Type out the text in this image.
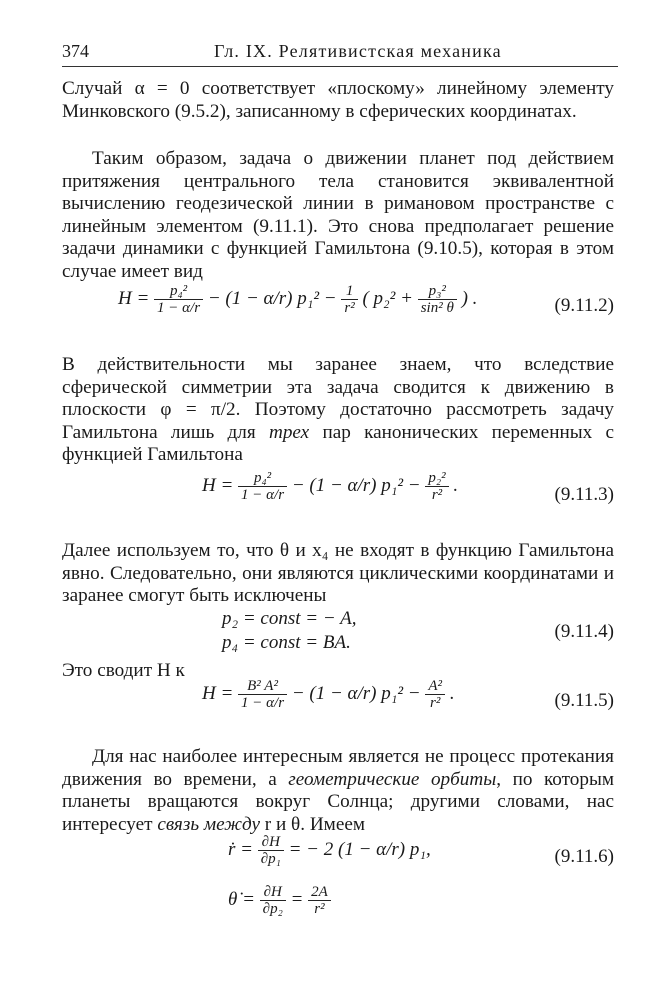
374	Гл. IX. Релятивистская механика
Случай α = 0 соответствует «плоскому» линейному элементу Минковского (9.5.2), записанному в сферических координатах.
Таким образом, задача о движении планет под действием притяжения центрального тела становится эквивалентной вычислению геодезической линии в римановом пространстве с линейным элементом (9.11.1). Это снова предполагает решение задачи динамики с функцией Гамильтона (9.10.5), которая в этом случае имеет вид
$H = \frac{\text{p₄²}}{1 - \alpha/r} - (1 - \alpha/r) p_1^2 - \frac{1}{\text{r²}}$ ( $p_2^2 + \frac{\text{p₃²}}{\text{sin² θ}}$ ) .	(9.11.2)
В действительности мы заранее знаем, что вследствие сферической симметрии эта задача сводится к движению в плоскости φ = π/2. Поэтому достаточно рассмотреть задачу Гамильтона лишь для трех пар канонических переменных с функцией Гамильтона
$H = \frac{\text{p₄²}}{1 - \alpha/r} - (1 - \alpha/r) p_1^2 - \frac{\text{p₂²}}{\text{r²}}$ .	(9.11.3)
Далее используем то, что θ и x₄ не входят в функцию Гамильтона явно. Следовательно, они являются циклическими координатами и заранее смогут быть исключены
p₂ = const = − A,
p₄ = const = BA.
(9.11.4)
Это сводит H к
$H = \frac{\text{B² A²}}{1 - \alpha/r} - (1 - \alpha/r) p_1^2 - \frac{\text{A²}}{\text{r²}}$ .	(9.11.5)
Для нас наиболее интересным является не процесс протекания движения во времени, а геометрические орбиты, по которым планеты вращаются вокруг Солнца; другими словами, нас интересует связь между r и θ. Имеем
ṙ = $\frac{\partial H}{\text{∂p₁}}$ = − 2 (1 − α/r) p₁,
θ̇ = $\frac{\partial H}{\text{∂p₂}} = \frac{2A}{\text{r²}}$
(9.11.6)
